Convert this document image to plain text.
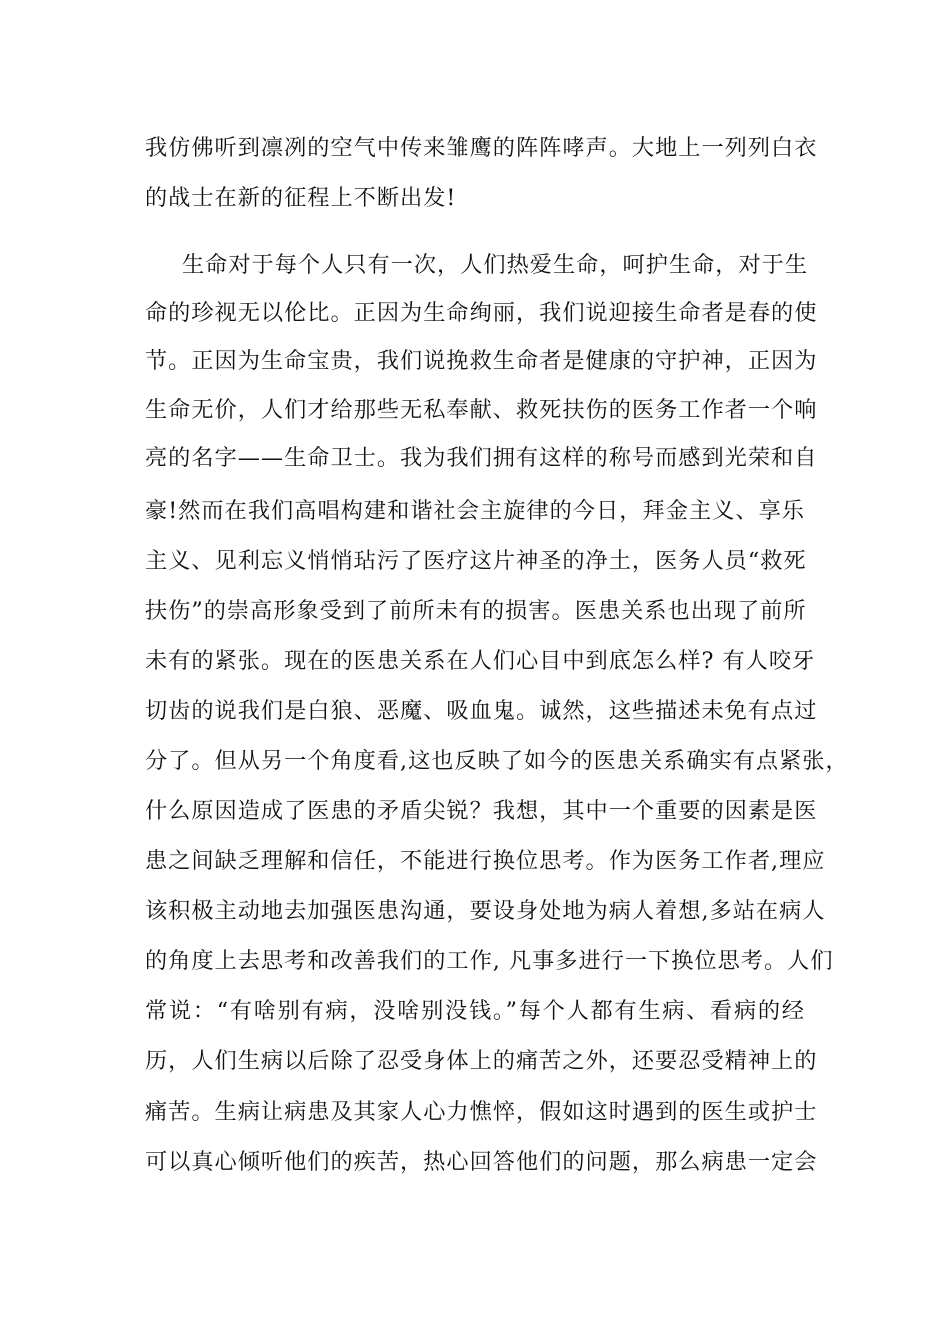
我仿佛听到凛冽的空气中传来雏鹰的阵阵哮声。大地上一列列白衣
的战士在新的征程上不断出发!
生命对于每个人只有一次，人们热爱生命，呵护生命，对于生
命的珍视无以伦比。正因为生命绚丽，我们说迎接生命者是春的使
节。正因为生命宝贵，我们说挽救生命者是健康的守护神，正因为
生命无价，人们才给那些无私奉献、救死扶伤的医务工作者一个响
亮的名字——生命卫士。我为我们拥有这样的称号而感到光荣和自
豪!然而在我们高唱构建和谐社会主旋律的今日，拜金主义、享乐
主义、见利忘义悄悄玷污了医疗这片神圣的净土，医务人员“救死
扶伤”的崇高形象受到了前所未有的损害。医患关系也出现了前所
未有的紧张。现在的医患关系在人们心目中到底怎么样? 有人咬牙
切齿的说我们是白狼、恶魔、吸血鬼。诚然，这些描述未免有点过
分了。但从另一个角度看,这也反映了如今的医患关系确实有点紧张，
什么原因造成了医患的矛盾尖锐？我想，其中一个重要的因素是医
患之间缺乏理解和信任，不能进行换位思考。作为医务工作者,理应
该积极主动地去加强医患沟通，要设身处地为病人着想,多站在病人
的角度上去思考和改善我们的工作, 凡事多进行一下换位思考。人们
常说：“有啥别有病，没啥别没钱。”每个人都有生病、看病的经
历，人们生病以后除了忍受身体上的痛苦之外，还要忍受精神上的
痛苦。生病让病患及其家人心力憔悴，假如这时遇到的医生或护士
可以真心倾听他们的疾苦，热心回答他们的问题，那么病患一定会
